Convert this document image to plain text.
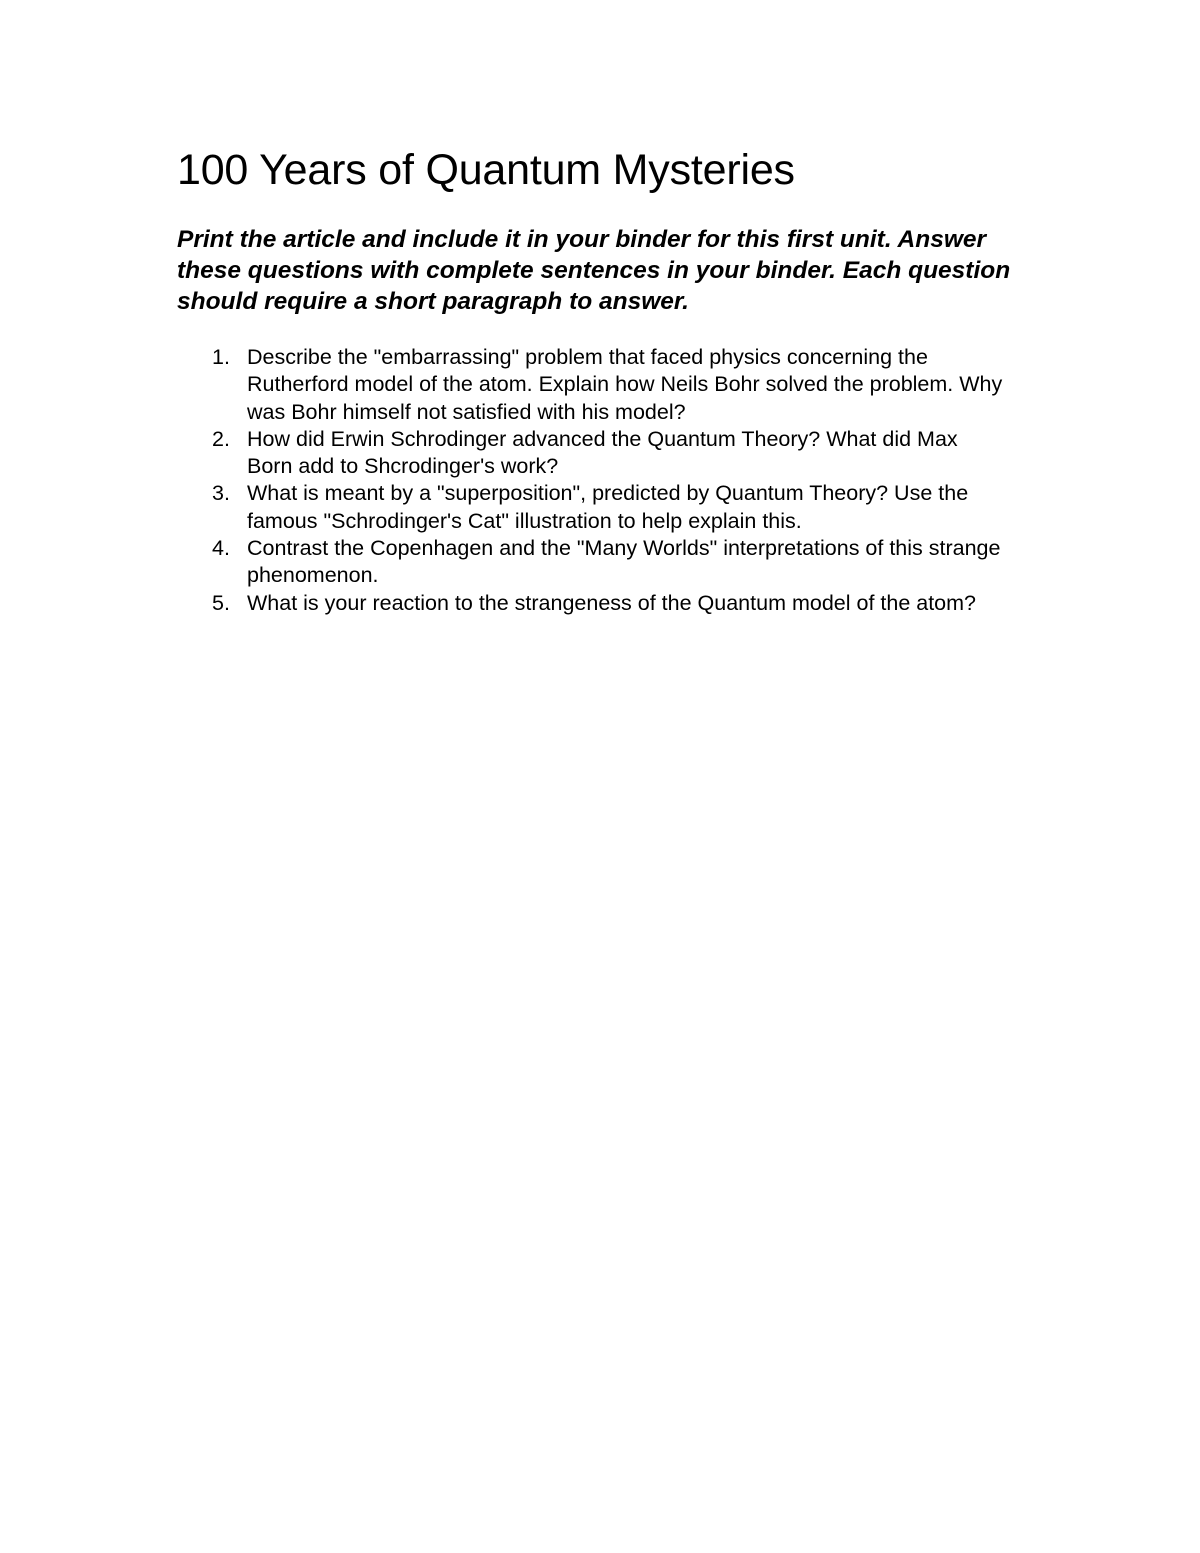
100 Years of Quantum Mysteries

Print the article and include it in your binder for this first unit. Answer these questions with complete sentences in your binder. Each question should require a short paragraph to answer.

1. Describe the "embarrassing" problem that faced physics concerning the Rutherford model of the atom. Explain how Neils Bohr solved the problem. Why was Bohr himself not satisfied with his model?
2. How did Erwin Schrodinger advanced the Quantum Theory? What did Max Born add to Shcrodinger's work?
3. What is meant by a "superposition", predicted by Quantum Theory? Use the famous "Schrodinger's Cat" illustration to help explain this.
4. Contrast the Copenhagen and the "Many Worlds" interpretations of this strange phenomenon.
5. What is your reaction to the strangeness of the Quantum model of the atom?
